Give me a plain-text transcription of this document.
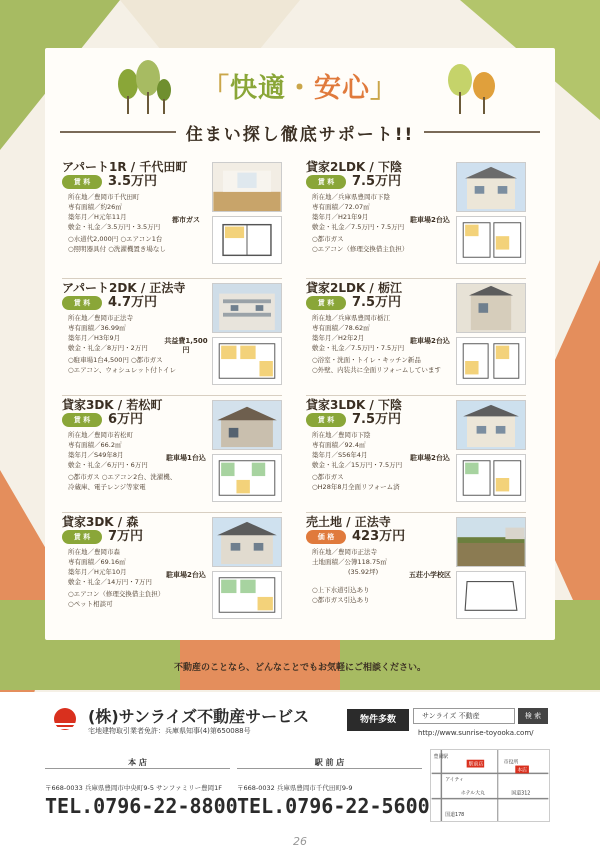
「快適・安心」
住まい探し徹底サポート!!
アパート1R / 千代田町
賃 料	3.5万円
所在地／豊岡市千代田町
専有面積／約26㎡
築年月／H元年11月
敷金・礼金／3.5万円・3.5万円
○水道代2,000円 ○エアコン1台
○照明器具付 ○洗濯機置き場なし
都市ガス
貸家2LDK / 下陰
賃 料	7.5万円
所在地／兵庫県豊岡市下陰
専有面積／72.07㎡
築年月／H21年9月
敷金・礼金／7.5万円・7.5万円
○都市ガス
○エアコン（修理交換借主負担）
駐車場2台込
アパート2DK / 正法寺
賃 料	4.7万円
所在地／豊岡市正法寺
専有面積／36.99㎡
築年月／H3年9月
敷金・礼金／8万円・2万円
○駐車場1台4,500円 ○都市ガス
○エアコン、ウォシュレット付トイレ
共益費1,500円
貸家2LDK / 栃江
賃 料	7.5万円
所在地／兵庫県豊岡市栃江
専有面積／78.62㎡
築年月／H2年2月
敷金・礼金／7.5万円・7.5万円
○浴室・洗面・トイレ・キッチン新品
○外壁、内装共に全面リフォームしています
駐車場2台込
貸家3DK / 若松町
賃 料	6万円
所在地／豊岡市若松町
専有面積／66.2㎡
築年月／S49年8月
敷金・礼金／6万円・6万円
○都市ガス ○エアコン2台、洗濯機、
冷蔵庫、電子レンジ等家電
駐車場1台込
貸家3LDK / 下陰
賃 料	7.5万円
所在地／豊岡市下陰
専有面積／92.4㎡
築年月／S56年4月
敷金・礼金／15万円・7.5万円
○都市ガス
○H28年8月全面リフォーム済
駐車場2台込
貸家3DK / 森
賃 料	7万円
所在地／豊岡市森
専有面積／69.16㎡
築年月／H元年10月
敷金・礼金／14万円・7万円
○エアコン（修理交換借主負担）
○ペット相談可
駐車場2台込
売土地 / 正法寺
価 格	423万円
所在地／豊岡市正法寺
土地面積／公簿118.75㎡
(35.92坪)
○上下水道引込あり
○都市ガス引込あり
五荘小学校区
不動産のことなら、どんなことでもお気軽にご相談ください。
(株)サンライズ不動産サービス
宅地建物取引業者免許：兵庫県知事(4)第650088号
物件多数	サンライズ 不動産	検 索
http://www.sunrise-toyooka.com/
本 店
〒668-0033 兵庫県豊岡市中央町9-5 サンファミリー豊岡1F
TEL.0796-22-8800
駅 前 店
〒668-0032 兵庫県豊岡市千代田町9-9
TEL.0796-22-5600
駅前店
本店
アイティ
ホテル大丸
市役所
豊岡駅
国道312
国道178
26
